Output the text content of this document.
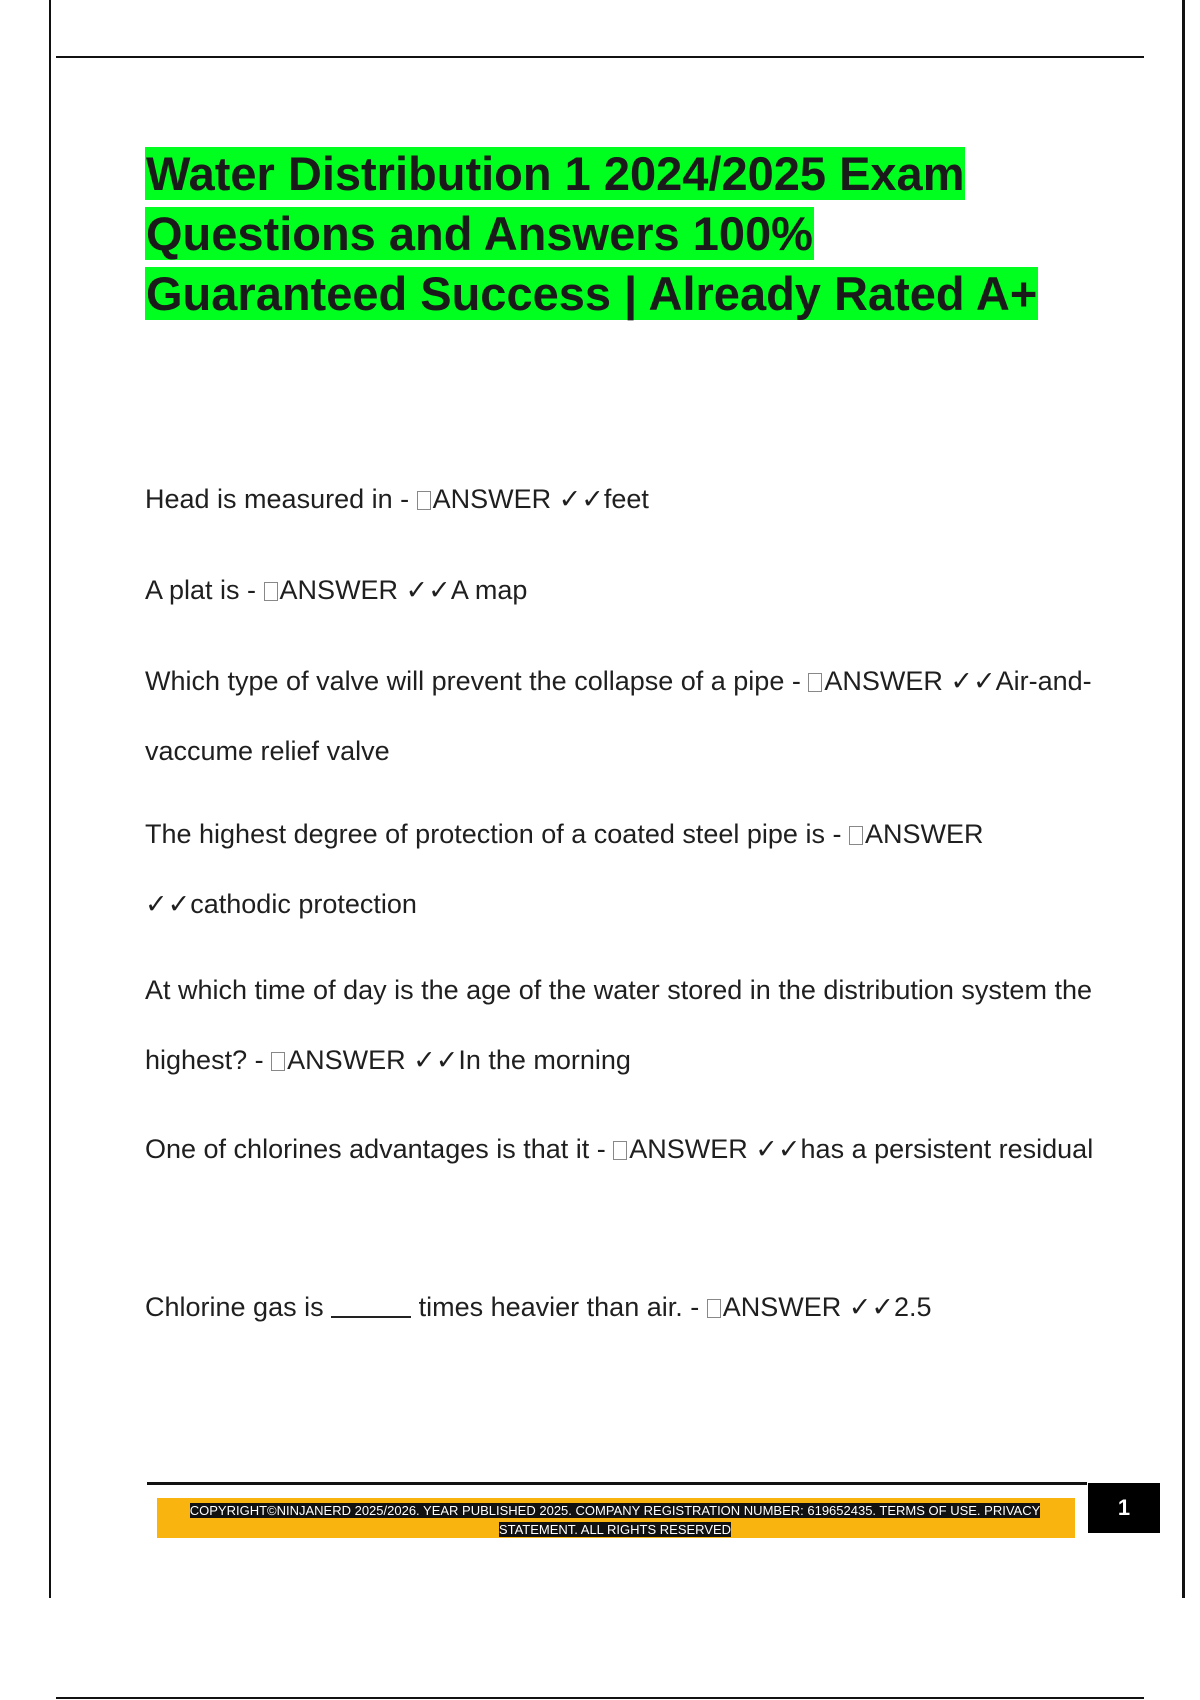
Water Distribution 1 2024/2025 Exam
Questions and Answers 100%
Guaranteed Success | Already Rated A+

Head is measured in - ANSWER ✓✓feet

A plat is - ANSWER ✓✓A map

Which type of valve will prevent the collapse of a pipe - ANSWER ✓✓Air-and-vaccume relief valve

The highest degree of protection of a coated steel pipe is - ANSWER ✓✓cathodic protection

At which time of day is the age of the water stored in the distribution system the highest? - ANSWER ✓✓In the morning

One of chlorines advantages is that it - ANSWER ✓✓has a persistent residual

Chlorine gas is	times heavier than air. - ANSWER ✓✓2.5

COPYRIGHT©NINJANERD 2025/2026. YEAR PUBLISHED 2025. COMPANY REGISTRATION NUMBER: 619652435. TERMS OF USE. PRIVACY STATEMENT. ALL RIGHTS RESERVED
1
